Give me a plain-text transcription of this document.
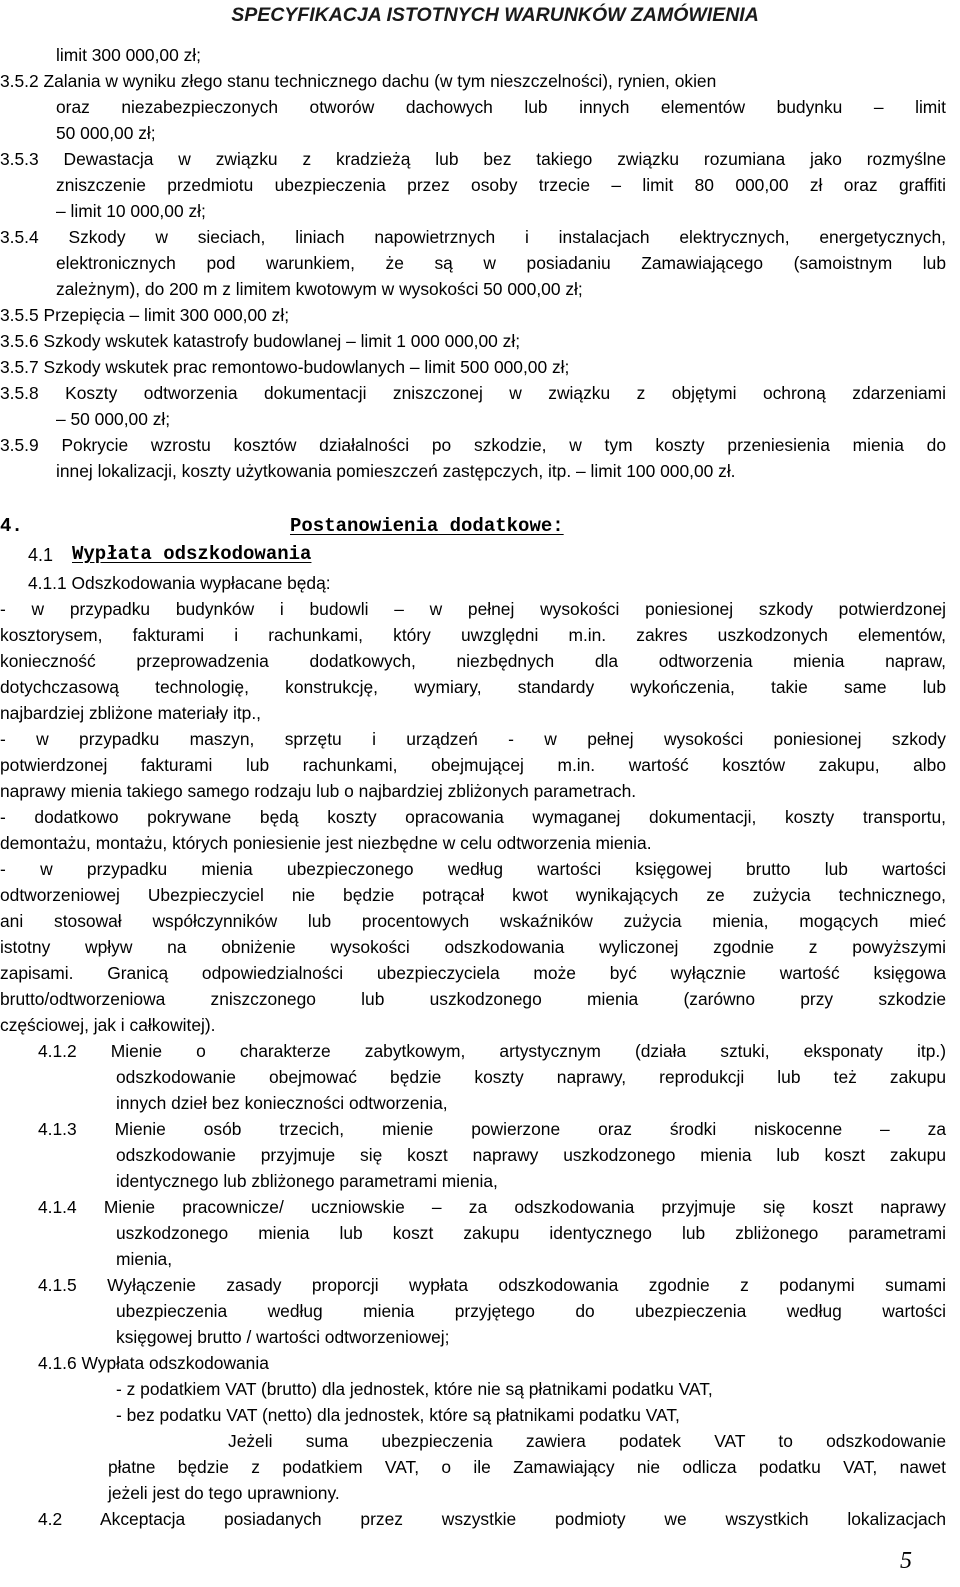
SPECYFIKACJA ISTOTNYCH WARUNKÓW ZAMÓWIENIA
limit 300 000,00 zł;
3.5.2 Zalania w wyniku złego stanu technicznego dachu (w tym nieszczelności), rynien, okien
oraz niezabezpieczonych otworów dachowych lub innych elementów budynku – limit
50 000,00 zł;
3.5.3 Dewastacja w związku z kradzieżą lub bez takiego związku rozumiana jako rozmyślne
zniszczenie przedmiotu ubezpieczenia przez osoby trzecie – limit 80 000,00 zł oraz graffiti
– limit 10 000,00 zł;
3.5.4 Szkody w sieciach, liniach napowietrznych i instalacjach elektrycznych, energetycznych,
elektronicznych pod warunkiem, że są w posiadaniu Zamawiającego (samoistnym lub
zależnym), do 200 m z limitem kwotowym w wysokości 50 000,00 zł;
3.5.5 Przepięcia – limit 300 000,00 zł;
3.5.6 Szkody wskutek katastrofy budowlanej – limit 1 000 000,00 zł;
3.5.7 Szkody wskutek prac remontowo-budowlanych – limit 500 000,00 zł;
3.5.8 Koszty odtworzenia dokumentacji zniszczonej w związku z objętymi ochroną zdarzeniami
– 50 000,00 zł;
3.5.9 Pokrycie wzrostu kosztów działalności po szkodzie, w tym koszty przeniesienia mienia do
innej lokalizacji, koszty użytkowania pomieszczeń zastępczych, itp. – limit 100 000,00 zł.
4.	Postanowienia dodatkowe:
4.1 Wypłata odszkodowania
4.1.1 Odszkodowania wypłacane będą:
- w przypadku budynków i budowli – w pełnej wysokości poniesionej szkody potwierdzonej
kosztorysem, fakturami i rachunkami, który uwzględni m.in. zakres uszkodzonych elementów,
konieczność przeprowadzenia dodatkowych, niezbędnych dla odtworzenia mienia napraw,
dotychczasową technologię, konstrukcję, wymiary, standardy wykończenia, takie same lub
najbardziej zbliżone materiały itp.,
- w przypadku maszyn, sprzętu i urządzeń - w pełnej wysokości poniesionej szkody
potwierdzonej fakturami lub rachunkami, obejmującej m.in. wartość kosztów zakupu, albo
naprawy mienia takiego samego rodzaju lub o najbardziej zbliżonych parametrach.
- dodatkowo pokrywane będą koszty opracowania wymaganej dokumentacji, koszty transportu,
demontażu, montażu, których poniesienie jest niezbędne w celu odtworzenia mienia.
- w przypadku mienia ubezpieczonego według wartości księgowej brutto lub wartości
odtworzeniowej Ubezpieczyciel nie będzie potrącał kwot wynikających ze zużycia technicznego,
ani stosował współczynników lub procentowych wskaźników zużycia mienia, mogących mieć
istotny wpływ na obniżenie wysokości odszkodowania wyliczonej zgodnie z powyższymi
zapisami. Granicą odpowiedzialności ubezpieczyciela może być wyłącznie wartość księgowa
brutto/odtworzeniowa zniszczonego lub uszkodzonego mienia (zarówno przy szkodzie
częściowej, jak i całkowitej).
4.1.2 Mienie o charakterze zabytkowym, artystycznym (działa sztuki, eksponaty itp.)
odszkodowanie obejmować będzie koszty naprawy, reprodukcji lub też zakupu
innych dzieł bez konieczności odtworzenia,
4.1.3 Mienie osób trzecich, mienie powierzone oraz środki niskocenne – za
odszkodowanie przyjmuje się koszt naprawy uszkodzonego mienia lub koszt zakupu
identycznego lub zbliżonego parametrami mienia,
4.1.4 Mienie pracownicze/ uczniowskie – za odszkodowania przyjmuje się koszt naprawy
uszkodzonego mienia lub koszt zakupu identycznego lub zbliżonego parametrami
mienia,
4.1.5 Wyłączenie zasady proporcji wypłata odszkodowania zgodnie z podanymi sumami
ubezpieczenia według mienia przyjętego do ubezpieczenia według wartości
księgowej brutto / wartości odtworzeniowej;
4.1.6 Wypłata odszkodowania
- z podatkiem VAT (brutto) dla jednostek, które nie są płatnikami podatku VAT,
- bez podatku VAT (netto) dla jednostek, które są płatnikami podatku VAT,
Jeżeli suma ubezpieczenia zawiera podatek VAT to odszkodowanie
płatne będzie z podatkiem VAT, o ile Zamawiający nie odlicza podatku VAT, nawet
jeżeli jest do tego uprawniony.
4.2 Akceptacja posiadanych przez wszystkie podmioty we wszystkich lokalizacjach
5
